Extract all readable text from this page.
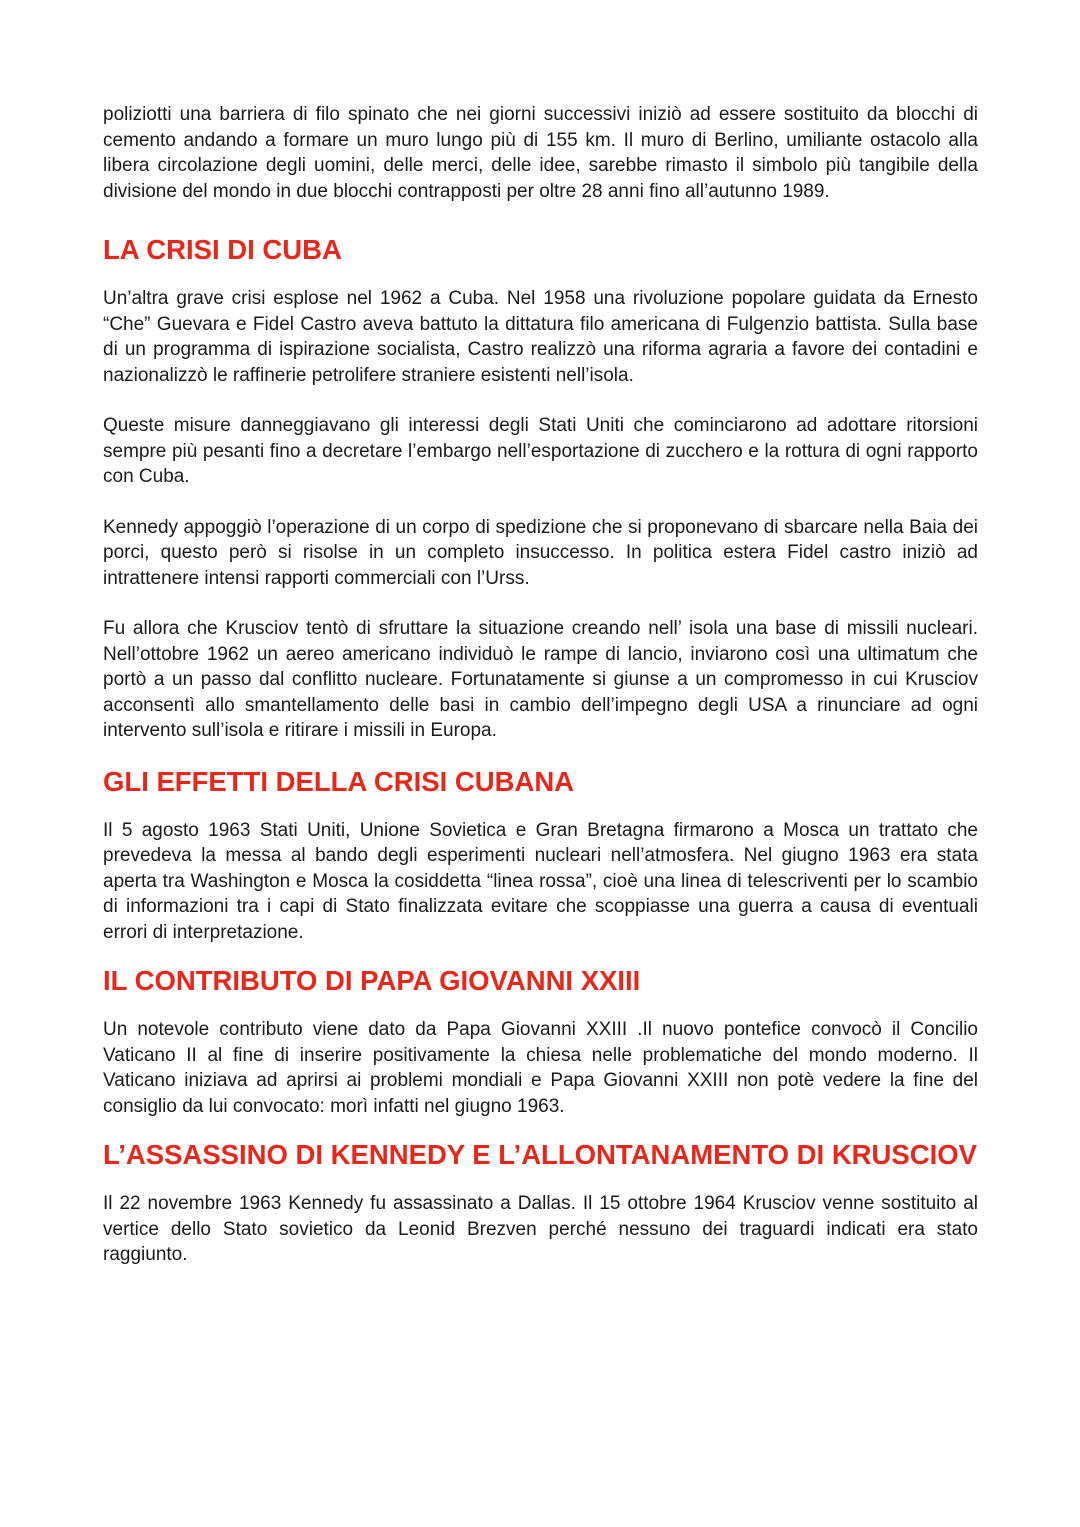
poliziotti una barriera di filo spinato che nei giorni successivi iniziò ad essere sostituito da blocchi di cemento andando a formare un muro lungo più di 155 km. Il muro di Berlino, umiliante ostacolo alla libera circolazione degli uomini, delle merci, delle idee, sarebbe rimasto il simbolo più tangibile della divisione del mondo in due blocchi contrapposti per oltre 28 anni fino all’autunno 1989.

LA CRISI DI CUBA

Un’altra grave crisi esplose nel 1962 a Cuba. Nel 1958 una rivoluzione popolare guidata da Ernesto “Che” Guevara e Fidel Castro aveva battuto la dittatura filo americana di Fulgenzio battista. Sulla base di un programma di ispirazione socialista, Castro realizzò una riforma agraria a favore dei contadini e nazionalizzò le raffinerie petrolifere straniere esistenti nell’isola.

Queste misure danneggiavano gli interessi degli Stati Uniti che cominciarono ad adottare ritorsioni sempre più pesanti fino a decretare l’embargo nell’esportazione di zucchero e la rottura di ogni rapporto con Cuba.

Kennedy appoggiò l’operazione di un corpo di spedizione che si proponevano di sbarcare nella Baia dei porci, questo però si risolse in un completo insuccesso. In politica estera Fidel castro iniziò ad intrattenere intensi rapporti commerciali con l’Urss.

Fu allora che Krusciov tentò di sfruttare la situazione creando nell’ isola una base di missili nucleari. Nell’ottobre 1962 un aereo americano individuò le rampe di lancio, inviarono così una ultimatum che portò a un passo dal conflitto nucleare. Fortunatamente si giunse a un compromesso in cui Krusciov acconsentì allo smantellamento delle basi in cambio dell’impegno degli USA a rinunciare ad ogni intervento sull’isola e ritirare i missili in Europa.

GLI EFFETTI DELLA CRISI CUBANA

Il 5 agosto 1963 Stati Uniti, Unione Sovietica e Gran Bretagna firmarono a Mosca un trattato che prevedeva la messa al bando degli esperimenti nucleari nell’atmosfera. Nel giugno 1963 era stata aperta tra Washington e Mosca la cosiddetta “linea rossa”, cioè una linea di telescriventi per lo scambio di informazioni tra i capi di Stato finalizzata evitare che scoppiasse una guerra a causa di eventuali errori di interpretazione.

IL CONTRIBUTO DI PAPA GIOVANNI XXIII

Un notevole contributo viene dato da Papa Giovanni XXIII .Il nuovo pontefice convocò il Concilio Vaticano II al fine di inserire positivamente la chiesa nelle problematiche del mondo moderno. Il Vaticano iniziava ad aprirsi ai problemi mondiali e Papa Giovanni XXIII non potè vedere la fine del consiglio da lui convocato: morì infatti nel giugno 1963.

L’ASSASSINO DI KENNEDY E L’ALLONTANAMENTO DI KRUSCIOV

Il 22 novembre 1963 Kennedy fu assassinato a Dallas. Il 15 ottobre 1964 Krusciov venne sostituito al vertice dello Stato sovietico da Leonid Brezven perché nessuno dei traguardi indicati era stato raggiunto.
